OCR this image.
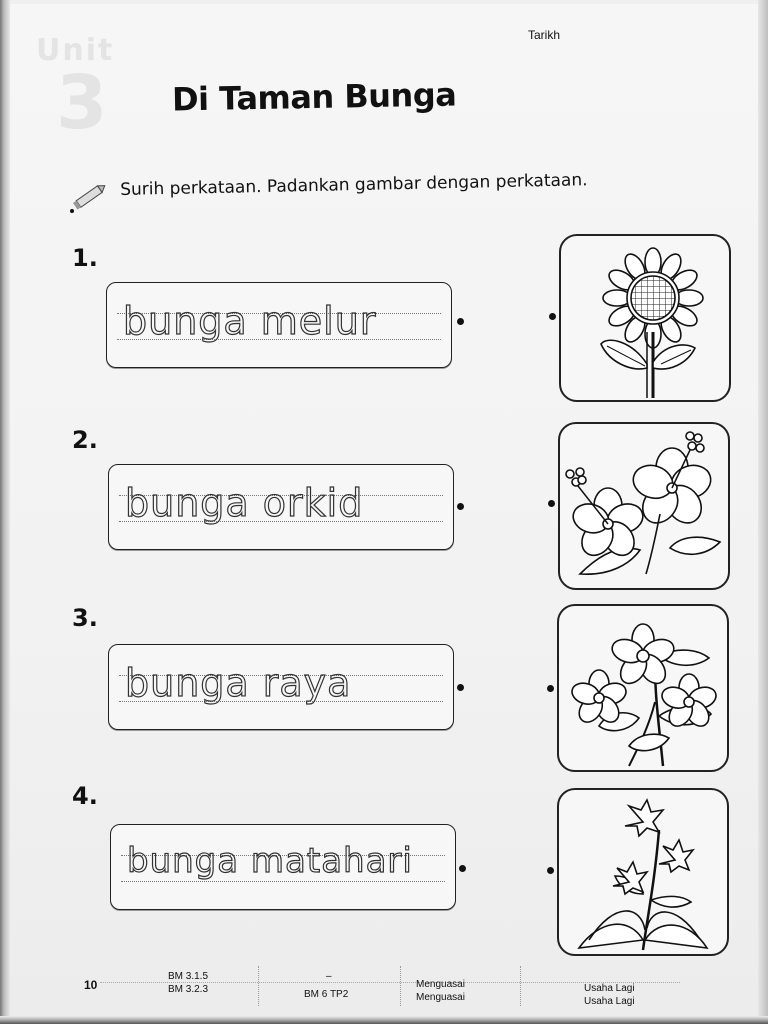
Unit
3
Tarikh
Di Taman Bunga
Surih perkataan. Padankan gambar dengan perkataan.
1.
bunga melur
2.
bunga orkid
3.
bunga raya
4.
bunga matahari
10
BM 3.1.5
BM 3.2.3
–
BM 6 TP2
Menguasai
Menguasai
Usaha Lagi
Usaha Lagi
